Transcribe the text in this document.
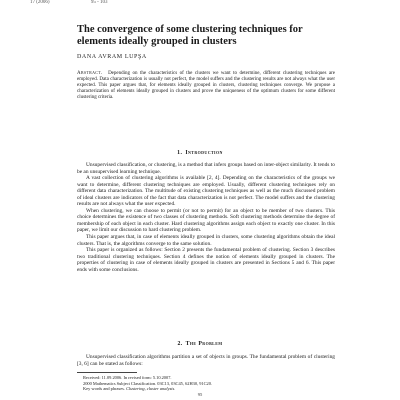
17 (2006)	95 - 103
The convergence of some clustering techniques for elements ideally grouped in clusters
DANA AVRAM LUPŞA

Abstract. Depending on the characteristics of the clusters we want to determine, different clustering techniques are employed. Data characterization is usually not perfect, the model suffers and the clustering results are not always what the user expected. This paper argues that, for elements ideally grouped in clusters, clustering techniques converge. We propose a characterization of elements ideally grouped in clusters and prove the uniqueness of the optimum clusters for some different clustering criteria.

1. Introduction

Unsupervised classification, or clustering, is a method that infers groups based on inter-object similarity. It tends to be an unsupervised learning technique.

A vast collection of clustering algorithms is available [2, 4]. Depending on the characteristics of the groups we want to determine, different clustering techniques are employed. Usually, different clustering techniques rely on different data characterization. The multitude of existing clustering techniques as well as the much discussed problem of ideal clusters are indicators of the fact that data characterization is not perfect. The model suffers and the clustering results are not always what the user expected.

When clustering, we can choose to permit (or not to permit) for an object to be member of two clusters. This choice determines the existence of two classes of clustering methods. Soft clustering methods determine the degree of membership of each object in each cluster. Hard clustering algorithms assign each object to exactly one cluster. In this paper, we limit our discussion to hard clustering problem.

This paper argues that, in case of elements ideally grouped in clusters, some clustering algorithms obtain the ideal clusters. That is, the algorithms converge to the same solution.

This paper is organized as follows: Section 2 presents the fundamental problem of clustering. Section 3 describes two traditional clustering techniques. Section 4 defines the notion of elements ideally grouped in clusters. The properties of clustering in case of elements ideally grouped in clusters are presented in Sections 5 and 6. This paper ends with some conclusions.

2. The Problem

Unsupervised classification algorithms partition a set of objects in groups. The fundamental problem of clustering [3, 6] can be stated as follows:

Received: 11.09.2006. In revised form: 5.10.2007.
2000 Mathematics Subject Classification. 03C13, 03C45, 62H30, 91C20.
Key words and phrases. Clustering, cluster analysis.
95
